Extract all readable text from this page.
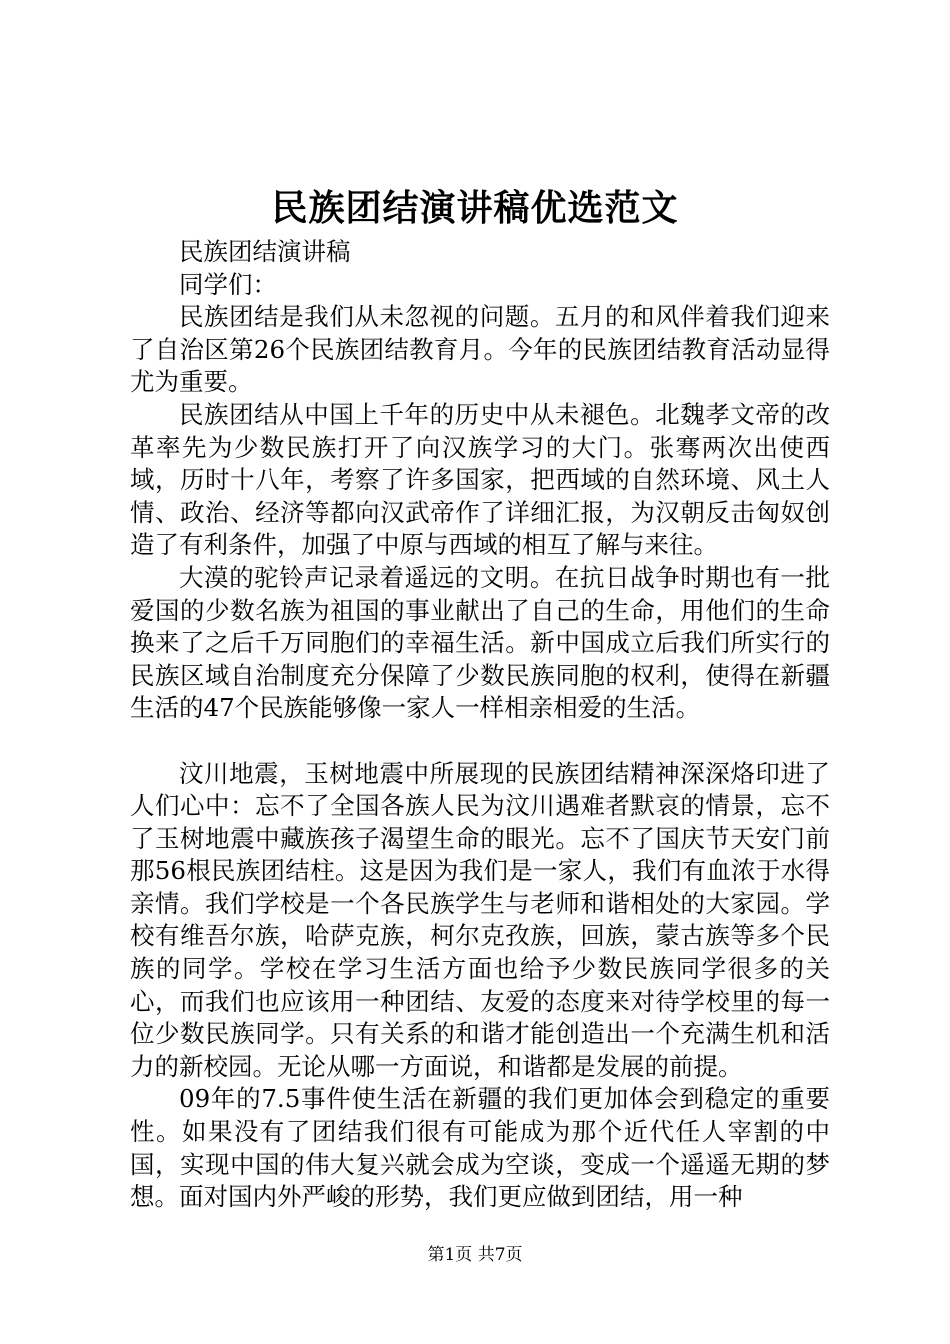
民族团结演讲稿优选范文

民族团结演讲稿

同学们：

民族团结是我们从未忽视的问题。五月的和风伴着我们迎来了自治区第26个民族团结教育月。今年的民族团结教育活动显得尤为重要。

民族团结从中国上千年的历史中从未褪色。北魏孝文帝的改革率先为少数民族打开了向汉族学习的大门。张骞两次出使西域，历时十八年，考察了许多国家，把西域的自然环境、风土人情、政治、经济等都向汉武帝作了详细汇报，为汉朝反击匈奴创造了有利条件，加强了中原与西域的相互了解与来往。

大漠的驼铃声记录着遥远的文明。在抗日战争时期也有一批爱国的少数名族为祖国的事业献出了自己的生命，用他们的生命换来了之后千万同胞们的幸福生活。新中国成立后我们所实行的民族区域自治制度充分保障了少数民族同胞的权利，使得在新疆生活的47个民族能够像一家人一样相亲相爱的生活。

汶川地震，玉树地震中所展现的民族团结精神深深烙印进了人们心中：忘不了全国各族人民为汶川遇难者默哀的情景，忘不了玉树地震中藏族孩子渴望生命的眼光。忘不了国庆节天安门前那56根民族团结柱。这是因为我们是一家人，我们有血浓于水得亲情。我们学校是一个各民族学生与老师和谐相处的大家园。学校有维吾尔族，哈萨克族，柯尔克孜族，回族，蒙古族等多个民族的同学。学校在学习生活方面也给予少数民族同学很多的关心，而我们也应该用一种团结、友爱的态度来对待学校里的每一位少数民族同学。只有关系的和谐才能创造出一个充满生机和活力的新校园。无论从哪一方面说，和谐都是发展的前提。

09年的7.5事件使生活在新疆的我们更加体会到稳定的重要性。如果没有了团结我们很有可能成为那个近代任人宰割的中国，实现中国的伟大复兴就会成为空谈，变成一个遥遥无期的梦想。面对国内外严峻的形势，我们更应做到团结，用一种

第1页 共7页
